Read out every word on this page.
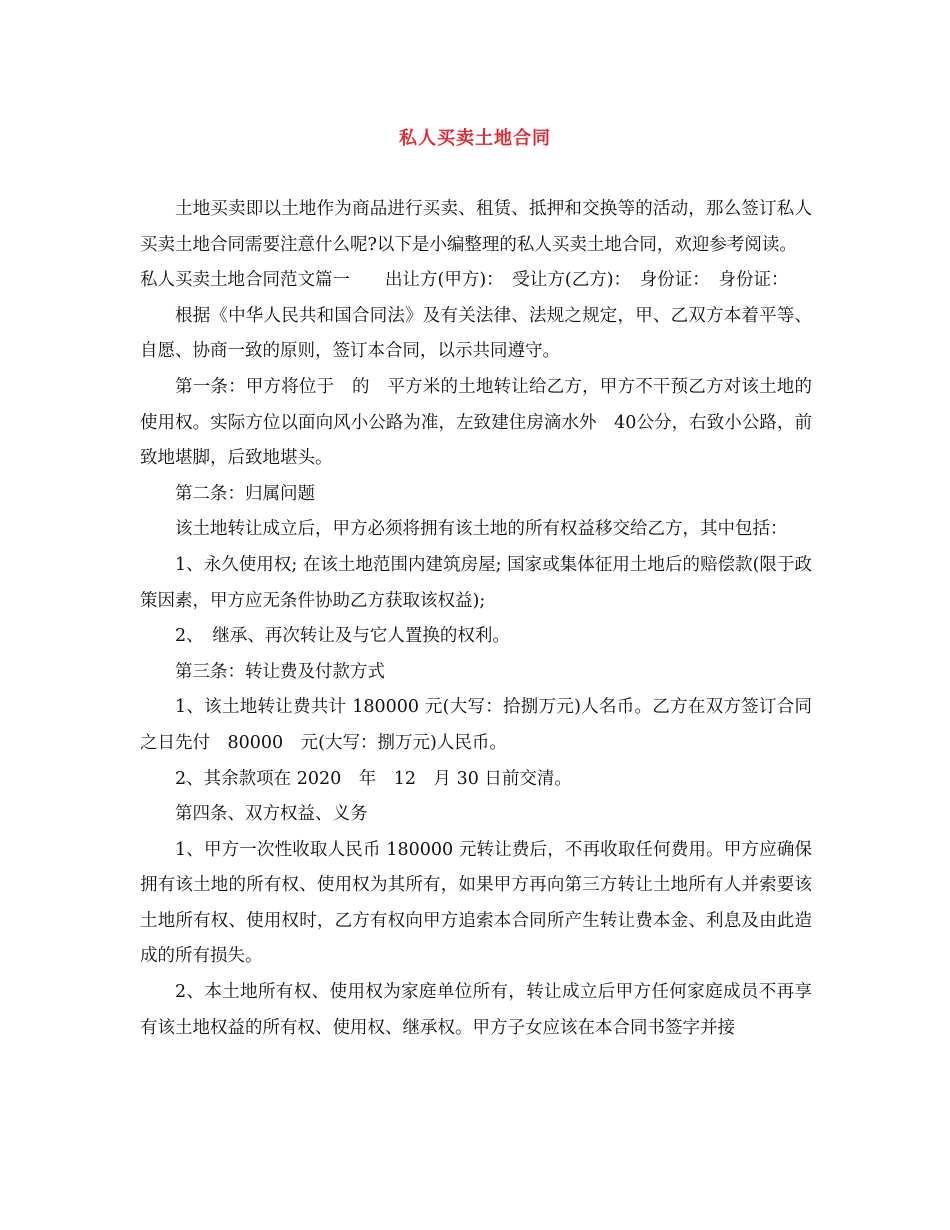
私人买卖土地合同

土地买卖即以土地作为商品进行买卖、租赁、抵押和交换等的活动，那么签订私人买卖土地合同需要注意什么呢?以下是小编整理的私人买卖土地合同，欢迎参考阅读。

私人买卖土地合同范文篇一　　出让方(甲方)：　受让方(乙方)：　身份证：　身份证：

根据《中华人民共和国合同法》及有关法律、法规之规定，甲、乙双方本着平等、自愿、协商一致的原则，签订本合同，以示共同遵守。

第一条：甲方将位于　的　平方米的土地转让给乙方，甲方不干预乙方对该土地的使用权。实际方位以面向风小公路为准，左致建住房滴水外　40公分，右致小公路，前致地堪脚，后致地堪头。

第二条：归属问题

该土地转让成立后，甲方必须将拥有该土地的所有权益移交给乙方，其中包括：

1、永久使用权; 在该土地范围内建筑房屋; 国家或集体征用土地后的赔偿款(限于政策因素，甲方应无条件协助乙方获取该权益);

2、　继承、再次转让及与它人置换的权利。

第三条：转让费及付款方式

1、该土地转让费共计 180000 元(大写：拾捌万元)人名币。乙方在双方签订合同之日先付　80000　元(大写：捌万元)人民币。

2、其余款项在 2020　年　12　月 30 日前交清。

第四条、双方权益、义务

1、甲方一次性收取人民币 180000 元转让费后，不再收取任何费用。甲方应确保拥有该土地的所有权、使用权为其所有，如果甲方再向第三方转让土地所有人并索要该土地所有权、使用权时，乙方有权向甲方追索本合同所产生转让费本金、利息及由此造成的所有损失。

2、本土地所有权、使用权为家庭单位所有，转让成立后甲方任何家庭成员不再享有该土地权益的所有权、使用权、继承权。甲方子女应该在本合同书签字并接
